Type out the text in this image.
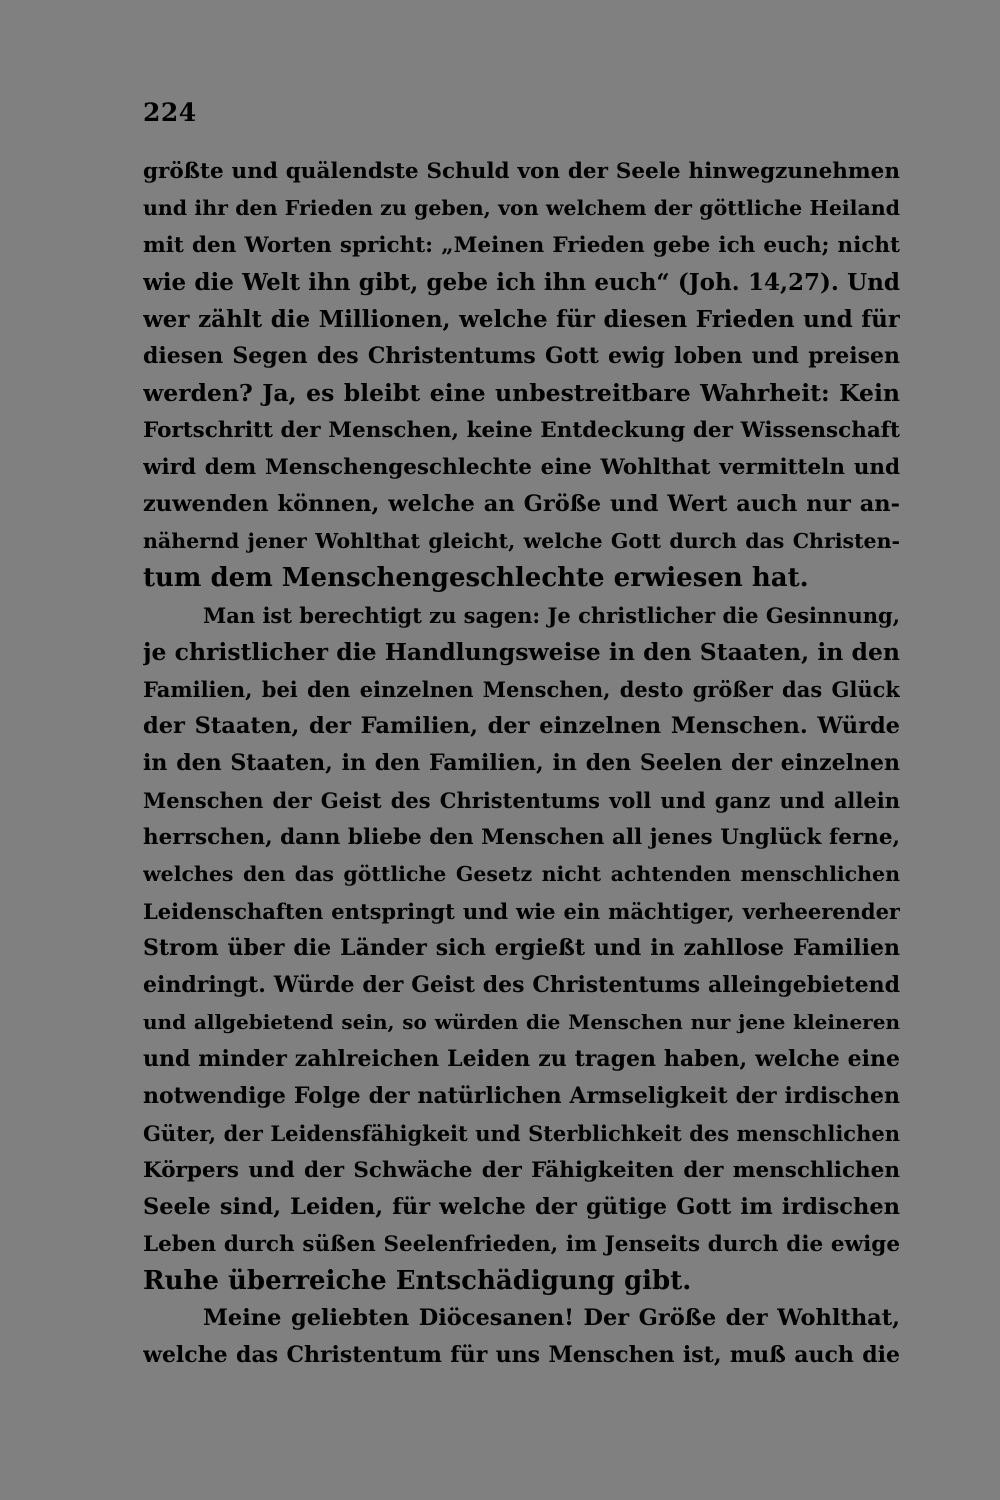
224
größte und quälendste Schuld von der Seele hinwegzunehmen
und ihr den Frieden zu geben, von welchem der göttliche Heiland
mit den Worten spricht: „Meinen Frieden gebe ich euch; nicht
wie die Welt ihn gibt, gebe ich ihn euch“ (Joh. 14,27). Und
wer zählt die Millionen, welche für diesen Frieden und für
diesen Segen des Christentums Gott ewig loben und preisen
werden? Ja, es bleibt eine unbestreitbare Wahrheit: Kein
Fortschritt der Menschen, keine Entdeckung der Wissenschaft
wird dem Menschengeschlechte eine Wohlthat vermitteln und
zuwenden können, welche an Größe und Wert auch nur an-
nähernd jener Wohlthat gleicht, welche Gott durch das Christen-
tum dem Menschengeschlechte erwiesen hat.
Man ist berechtigt zu sagen: Je christlicher die Gesinnung,
je christlicher die Handlungsweise in den Staaten, in den
Familien, bei den einzelnen Menschen, desto größer das Glück
der Staaten, der Familien, der einzelnen Menschen. Würde
in den Staaten, in den Familien, in den Seelen der einzelnen
Menschen der Geist des Christentums voll und ganz und allein
herrschen, dann bliebe den Menschen all jenes Unglück ferne,
welches den das göttliche Gesetz nicht achtenden menschlichen
Leidenschaften entspringt und wie ein mächtiger, verheerender
Strom über die Länder sich ergießt und in zahllose Familien
eindringt. Würde der Geist des Christentums alleingebietend
und allgebietend sein, so würden die Menschen nur jene kleineren
und minder zahlreichen Leiden zu tragen haben, welche eine
notwendige Folge der natürlichen Armseligkeit der irdischen
Güter, der Leidensfähigkeit und Sterblichkeit des menschlichen
Körpers und der Schwäche der Fähigkeiten der menschlichen
Seele sind, Leiden, für welche der gütige Gott im irdischen
Leben durch süßen Seelenfrieden, im Jenseits durch die ewige
Ruhe überreiche Entschädigung gibt.
Meine geliebten Diöcesanen! Der Größe der Wohlthat,
welche das Christentum für uns Menschen ist, muß auch die
